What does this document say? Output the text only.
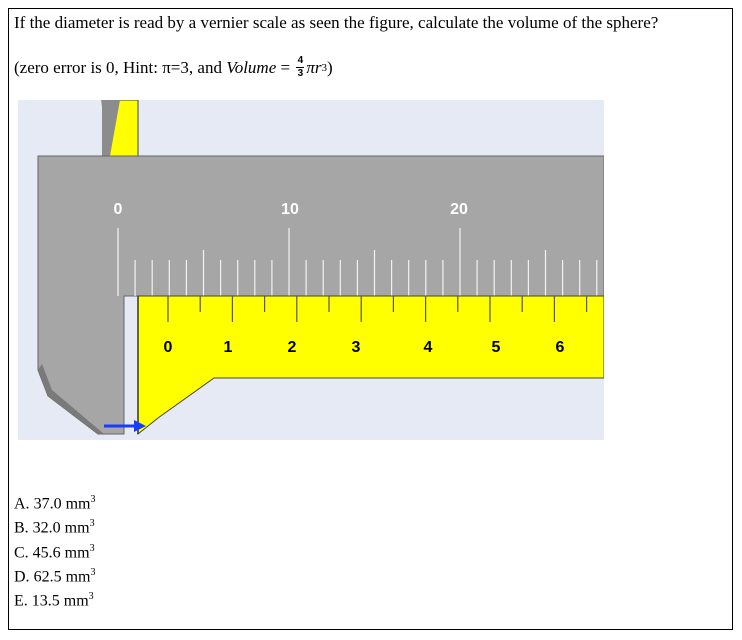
If the diameter is read by a vernier scale as seen the figure, calculate the volume of the sphere?
(zero error is 0, Hint: π=3, and Volume = $\frac{4}{3}$ πr 3 )
0	10	20
0	1	2	3	4	5	6
A. 37.0 $mm^3$
B. 32.0 $mm^3$
C. 45.6 $mm^3$
D. 62.5 $mm^3$
E. 13.5 $mm^3$
